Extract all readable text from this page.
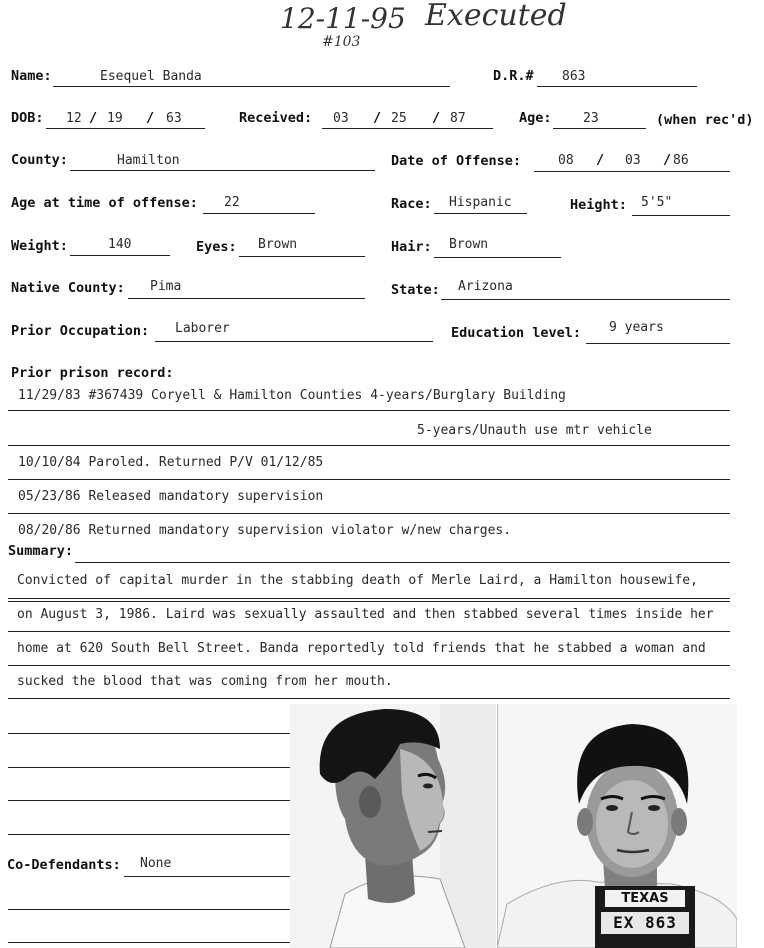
12-11-95 Executed
#103
Name:	Esequel Banda	D.R.# 863
DOB: 12 / 19 / 63	Received: 03 / 25 / 87	Age: 23	(when rec'd)
County:	Hamilton	Date of Offense:	08 / 03 / 86
Age at time of offense: 22	Race: Hispanic	Height: 5'5"
Weight:	140	Eyes: Brown	Hair: Brown
Native County: Pima	State: Arizona
Prior Occupation: Laborer	Education level: 9 years
Prior prison record:
11/29/83 #367439 Coryell & Hamilton Counties 4-years/Burglary Building
5-years/Unauth use mtr vehicle
10/10/84 Paroled. Returned P/V 01/12/85
05/23/86 Released mandatory supervision
08/20/86 Returned mandatory supervision violator w/new charges.
Summary:
Convicted of capital murder in the stabbing death of Merle Laird, a Hamilton housewife,
on August 3, 1986. Laird was sexually assaulted and then stabbed several times inside her
home at 620 South Bell Street. Banda reportedly told friends that he stabbed a woman and
sucked the blood that was coming from her mouth.
Co-Defendants: None
TEXAS
EX 863
